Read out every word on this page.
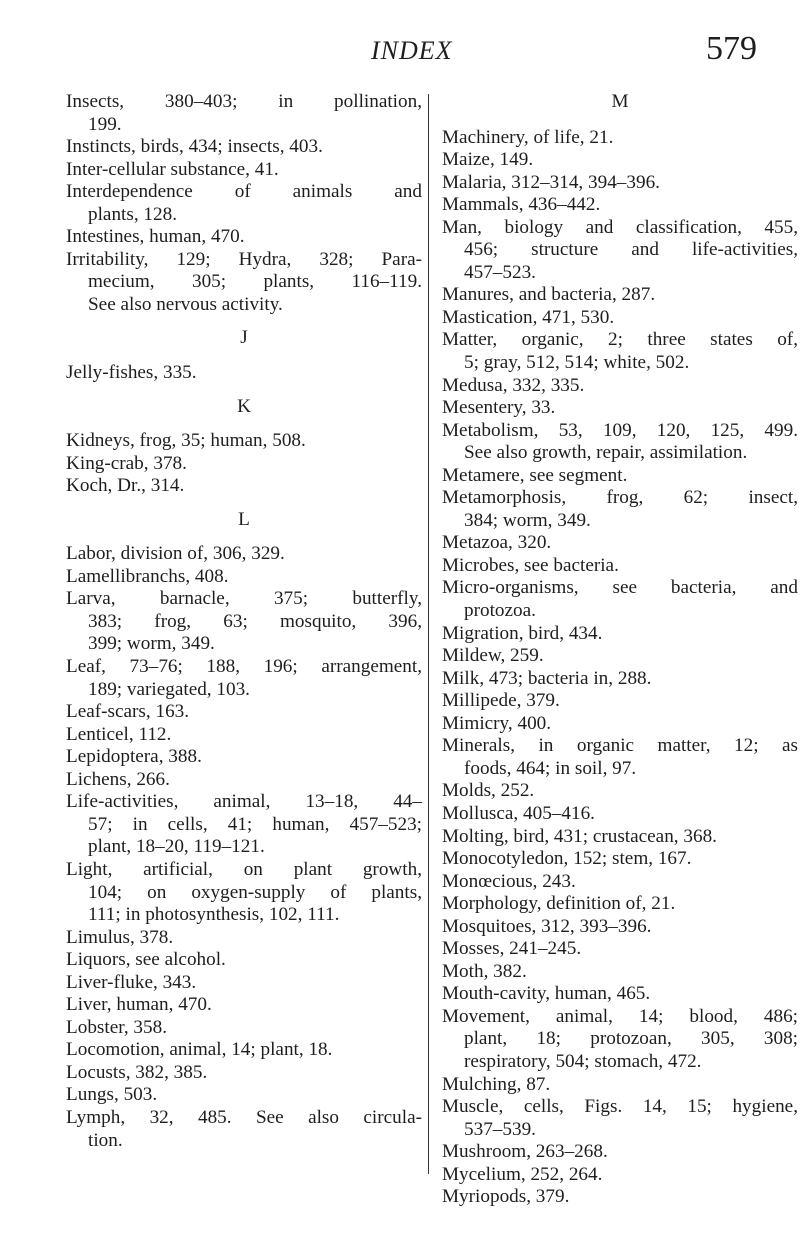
INDEX	579
Insects, 380–403; in pollination,
199.
Instincts, birds, 434; insects, 403.
Inter-cellular substance, 41.
Interdependence of animals and
plants, 128.
Intestines, human, 470.
Irritability, 129; Hydra, 328; Para-
mecium, 305; plants, 116–119.
See also nervous activity.
J
Jelly-fishes, 335.
K
Kidneys, frog, 35; human, 508.
King-crab, 378.
Koch, Dr., 314.
L
Labor, division of, 306, 329.
Lamellibranchs, 408.
Larva, barnacle, 375; butterfly,
383; frog, 63; mosquito, 396,
399; worm, 349.
Leaf, 73–76; 188, 196; arrangement,
189; variegated, 103.
Leaf-scars, 163.
Lenticel, 112.
Lepidoptera, 388.
Lichens, 266.
Life-activities, animal, 13–18, 44–
57; in cells, 41; human, 457–523;
plant, 18–20, 119–121.
Light, artificial, on plant growth,
104; on oxygen-supply of plants,
111; in photosynthesis, 102, 111.
Limulus, 378.
Liquors, see alcohol.
Liver-fluke, 343.
Liver, human, 470.
Lobster, 358.
Locomotion, animal, 14; plant, 18.
Locusts, 382, 385.
Lungs, 503.
Lymph, 32, 485. See also circula-
tion.
M
Machinery, of life, 21.
Maize, 149.
Malaria, 312–314, 394–396.
Mammals, 436–442.
Man, biology and classification, 455,
456; structure and life-activities,
457–523.
Manures, and bacteria, 287.
Mastication, 471, 530.
Matter, organic, 2; three states of,
5; gray, 512, 514; white, 502.
Medusa, 332, 335.
Mesentery, 33.
Metabolism, 53, 109, 120, 125, 499.
See also growth, repair, assimilation.
Metamere, see segment.
Metamorphosis, frog, 62; insect,
384; worm, 349.
Metazoa, 320.
Microbes, see bacteria.
Micro-organisms, see bacteria, and
protozoa.
Migration, bird, 434.
Mildew, 259.
Milk, 473; bacteria in, 288.
Millipede, 379.
Mimicry, 400.
Minerals, in organic matter, 12; as
foods, 464; in soil, 97.
Molds, 252.
Mollusca, 405–416.
Molting, bird, 431; crustacean, 368.
Monocotyledon, 152; stem, 167.
Monœcious, 243.
Morphology, definition of, 21.
Mosquitoes, 312, 393–396.
Mosses, 241–245.
Moth, 382.
Mouth-cavity, human, 465.
Movement, animal, 14; blood, 486;
plant, 18; protozoan, 305, 308;
respiratory, 504; stomach, 472.
Mulching, 87.
Muscle, cells, Figs. 14, 15; hygiene,
537–539.
Mushroom, 263–268.
Mycelium, 252, 264.
Myriopods, 379.
